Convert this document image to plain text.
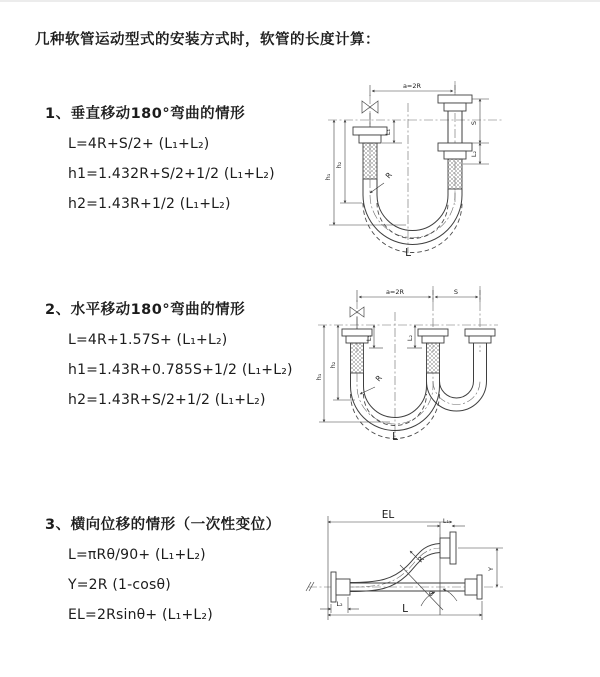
几种软管运动型式的安装方式时，软管的长度计算：
1、垂直移动180°弯曲的情形
L=4R+S/2+ (L₁+L₂)
h1=1.432R+S/2+1/2 (L₁+L₂)
h2=1.43R+1/2 (L₁+L₂)
a=2R
S
L₂
L₁
h₁
h₂
R
L
2、水平移动180°弯曲的情形
L=4R+1.57S+ (L₁+L₂)
h1=1.43R+0.785S+1/2 (L₁+L₂)
h2=1.43R+S/2+1/2 (L₁+L₂)
a=2R	S
h₁
h₂
L₁	L₂
R
L
3、横向位移的情形（一次性变位）
L=πRθ/90+ (L₁+L₂)
Y=2R (1-cosθ)
EL=2Rsinθ+ (L₁+L₂)
EL	L₁
Y
θ
R
L
L₂
